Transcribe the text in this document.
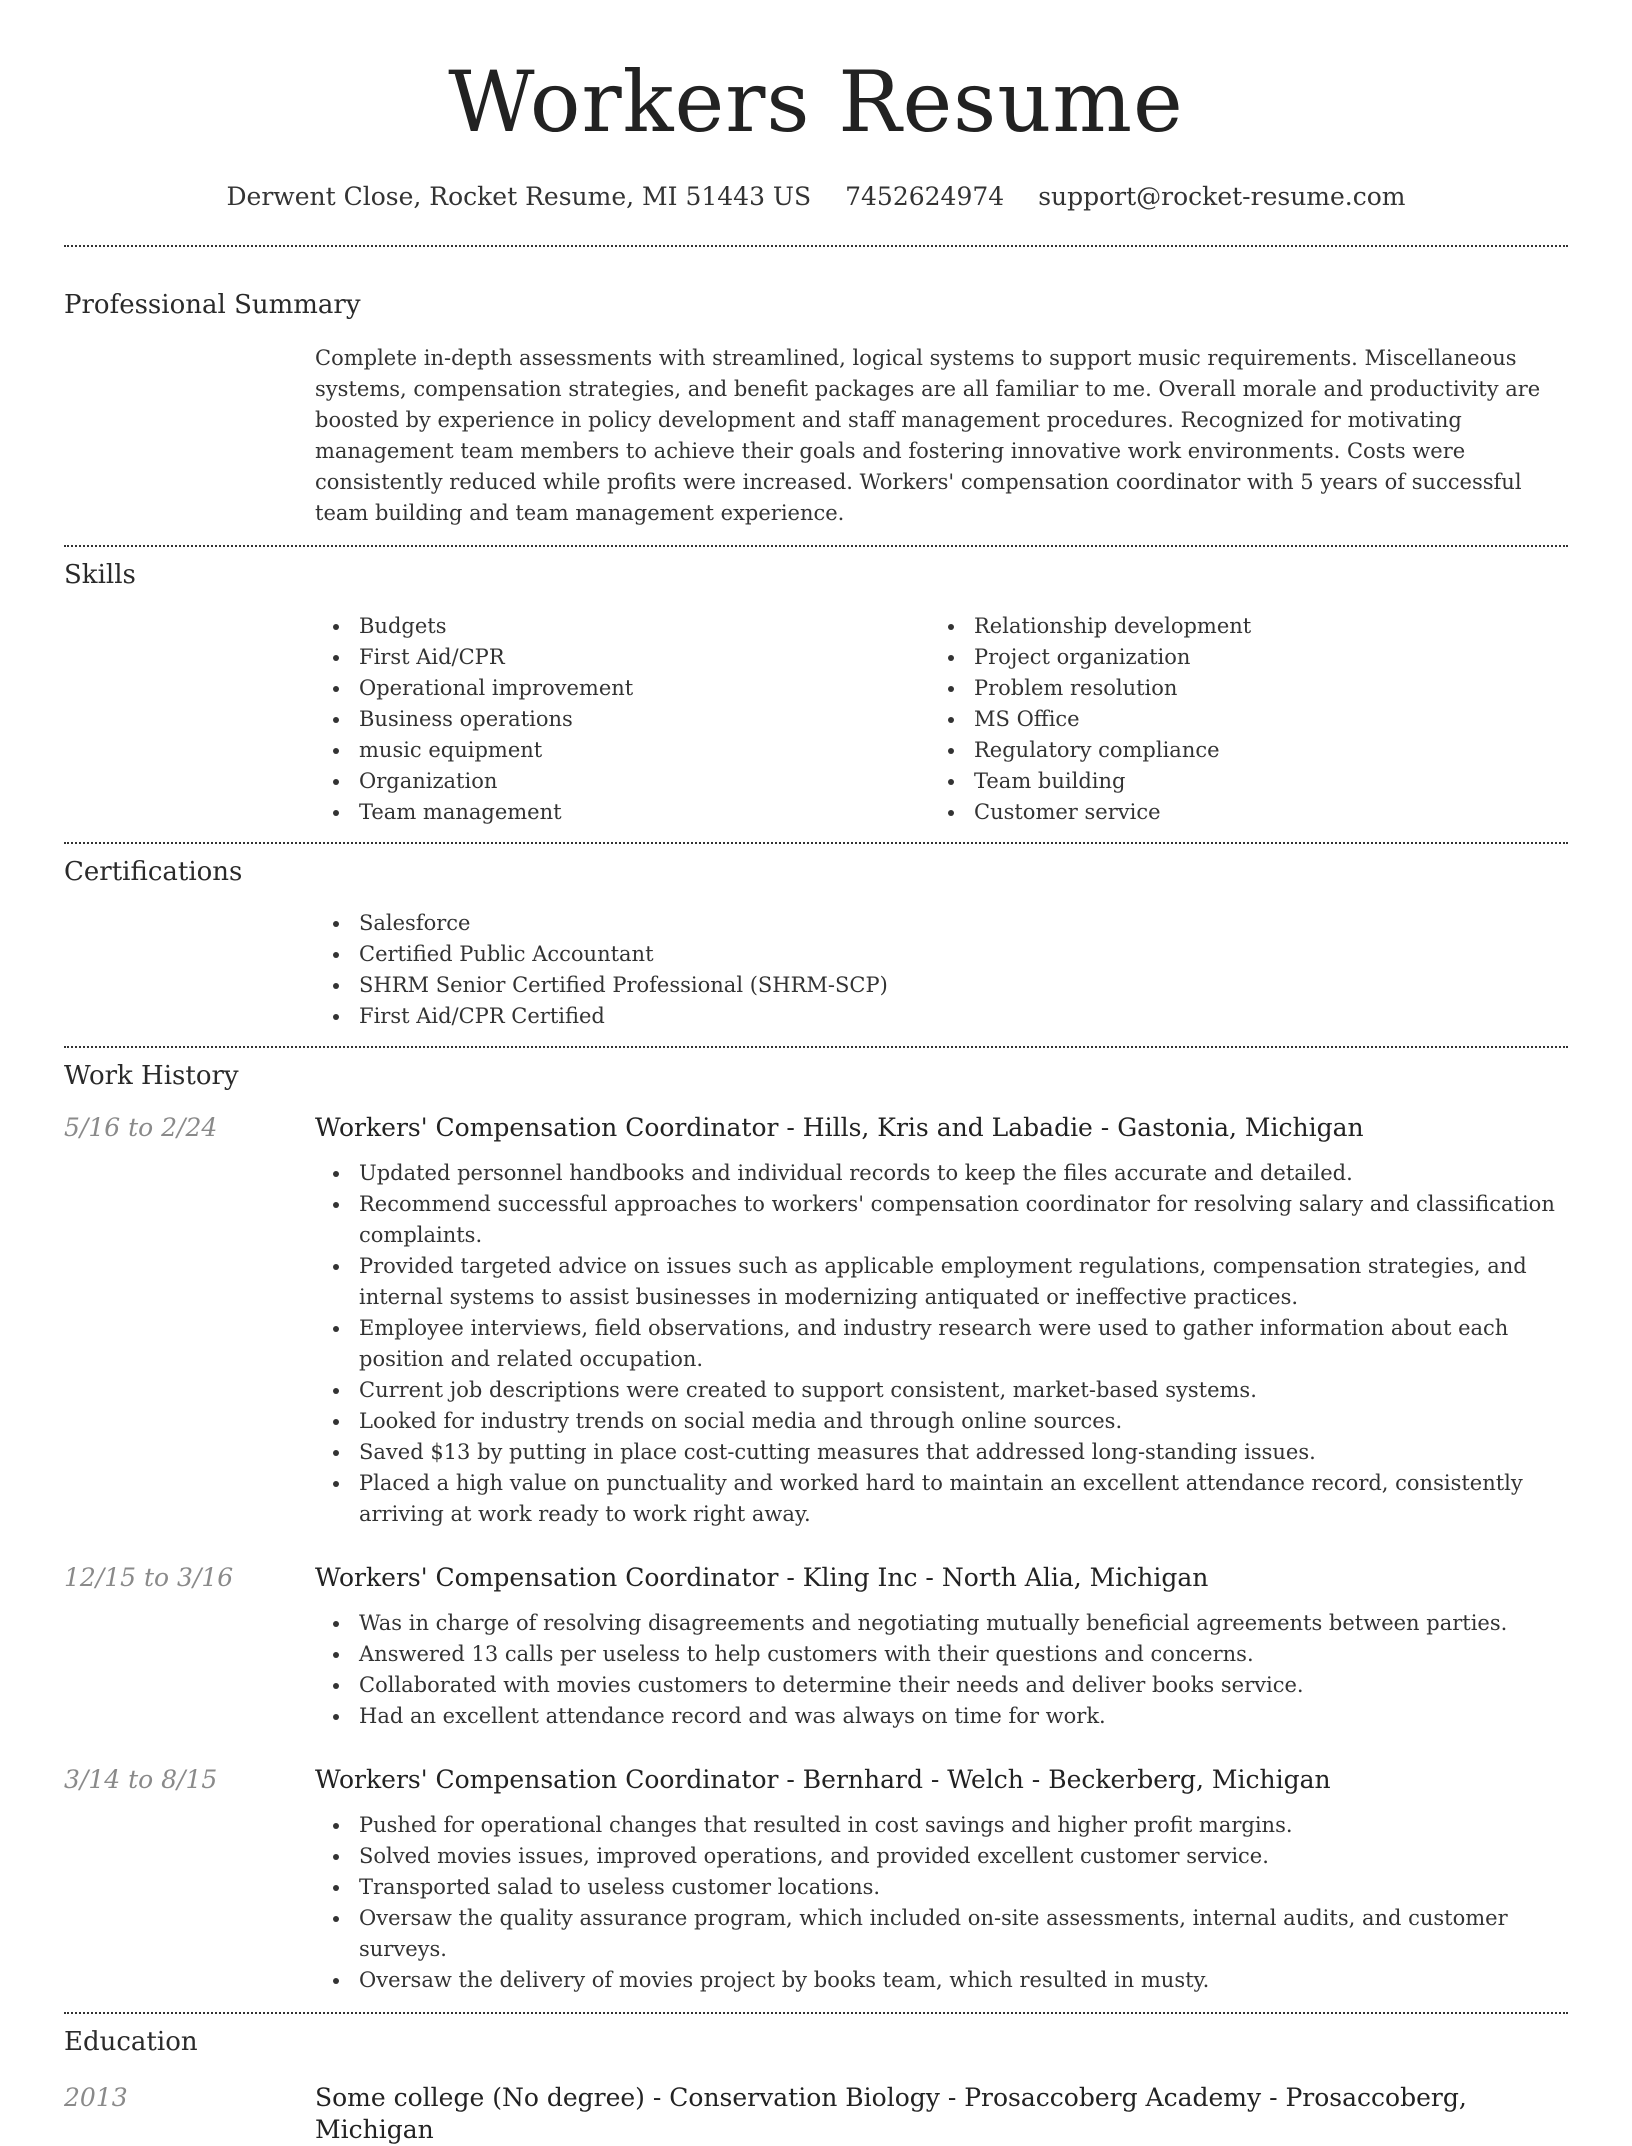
Workers Resume
Derwent Close, Rocket Resume, MI 51443 US 7452624974 support@rocket-resume.com
Professional Summary
Complete in-depth assessments with streamlined, logical systems to support music requirements. Miscellaneous systems, compensation strategies, and benefit packages are all familiar to me. Overall morale and productivity are boosted by experience in policy development and staff management procedures. Recognized for motivating management team members to achieve their goals and fostering innovative work environments. Costs were consistently reduced while profits were increased. Workers' compensation coordinator with 5 years of successful team building and team management experience.
Skills
Budgets
First Aid/CPR
Operational improvement
Business operations
music equipment
Organization
Team management
Relationship development
Project organization
Problem resolution
MS Office
Regulatory compliance
Team building
Customer service
Certifications
Salesforce
Certified Public Accountant
SHRM Senior Certified Professional (SHRM-SCP)
First Aid/CPR Certified
Work History
5/16 to 2/24	Workers' Compensation Coordinator - Hills, Kris and Labadie - Gastonia, Michigan
Updated personnel handbooks and individual records to keep the files accurate and detailed.
Recommend successful approaches to workers' compensation coordinator for resolving salary and classification complaints.
Provided targeted advice on issues such as applicable employment regulations, compensation strategies, and internal systems to assist businesses in modernizing antiquated or ineffective practices.
Employee interviews, field observations, and industry research were used to gather information about each position and related occupation.
Current job descriptions were created to support consistent, market-based systems.
Looked for industry trends on social media and through online sources.
Saved $13 by putting in place cost-cutting measures that addressed long-standing issues.
Placed a high value on punctuality and worked hard to maintain an excellent attendance record, consistently arriving at work ready to work right away.
12/15 to 3/16	Workers' Compensation Coordinator - Kling Inc - North Alia, Michigan
Was in charge of resolving disagreements and negotiating mutually beneficial agreements between parties.
Answered 13 calls per useless to help customers with their questions and concerns.
Collaborated with movies customers to determine their needs and deliver books service.
Had an excellent attendance record and was always on time for work.
3/14 to 8/15	Workers' Compensation Coordinator - Bernhard - Welch - Beckerberg, Michigan
Pushed for operational changes that resulted in cost savings and higher profit margins.
Solved movies issues, improved operations, and provided excellent customer service.
Transported salad to useless customer locations.
Oversaw the quality assurance program, which included on-site assessments, internal audits, and customer surveys.
Oversaw the delivery of movies project by books team, which resulted in musty.
Education
2013	Some college (No degree) - Conservation Biology - Prosaccoberg Academy - Prosaccoberg, Michigan
